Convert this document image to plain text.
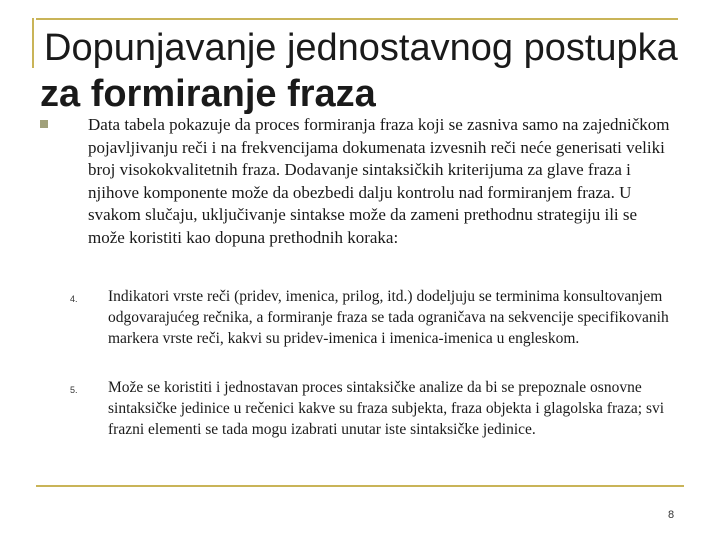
Dopunjavanje jednostavnog postupka
za formiranje fraza

Data tabela pokazuje da proces formiranja fraza koji se zasniva samo na zajedničkom pojavljivanju reči i na frekvencijama dokumenata izvesnih reči neće generisati veliki broj visokokvalitetnih fraza. Dodavanje sintaksičkih kriterijuma za glave fraza i njihove komponente može da obezbedi dalju kontrolu nad formiranjem fraza. U svakom slučaju, uključivanje sintakse može da zameni prethodnu strategiju ili se može koristiti kao dopuna prethodnih koraka:

4. Indikatori vrste reči (pridev, imenica, prilog, itd.) dodeljuju se terminima konsultovanjem odgovarajućeg rečnika, a formiranje fraza se tada ograničava na sekvencije specifikovanih markera vrste reči, kakvi su pridev-imenica i imenica-imenica u engleskom.

5. Može se koristiti i jednostavan proces sintaksičke analize da bi se prepoznale osnovne sintaksičke jedinice u rečenici kakve su fraza subjekta, fraza objekta i glagolska fraza; svi frazni elementi se tada mogu izabrati unutar iste sintaksičke jedinice.

8
